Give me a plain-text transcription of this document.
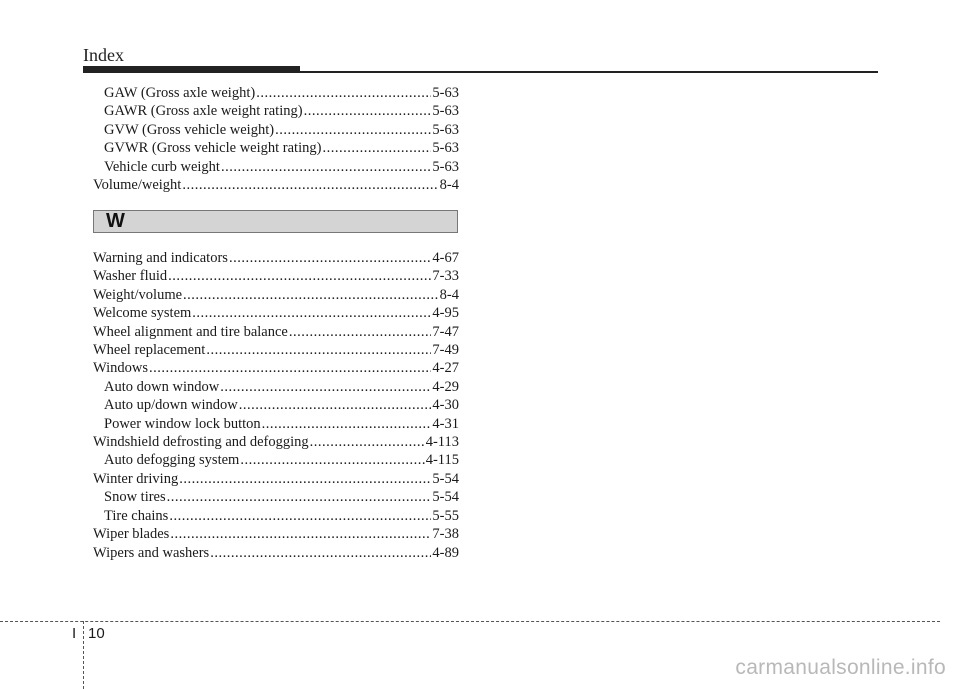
Index
GAW (Gross axle weight) .....	5-63
GAWR (Gross axle weight rating) .....	5-63
GVW (Gross vehicle weight) .....	5-63
GVWR (Gross vehicle weight rating) .....	5-63
Vehicle curb weight .....	5-63
Volume/weight .....	8-4
W
Warning and indicators .....	4-67
Washer fluid .....	7-33
Weight/volume .....	8-4
Welcome system .....	4-95
Wheel alignment and tire balance .....	7-47
Wheel replacement .....	7-49
Windows .....	4-27
Auto down window .....	4-29
Auto up/down window .....	4-30
Power window lock button .....	4-31
Windshield defrosting and defogging .....	4-113
Auto defogging system .....	4-115
Winter driving .....	5-54
Snow tires .....	5-54
Tire chains .....	5-55
Wiper blades .....	7-38
Wipers and washers .....	4-89
I 10
carmanualsonline.info
